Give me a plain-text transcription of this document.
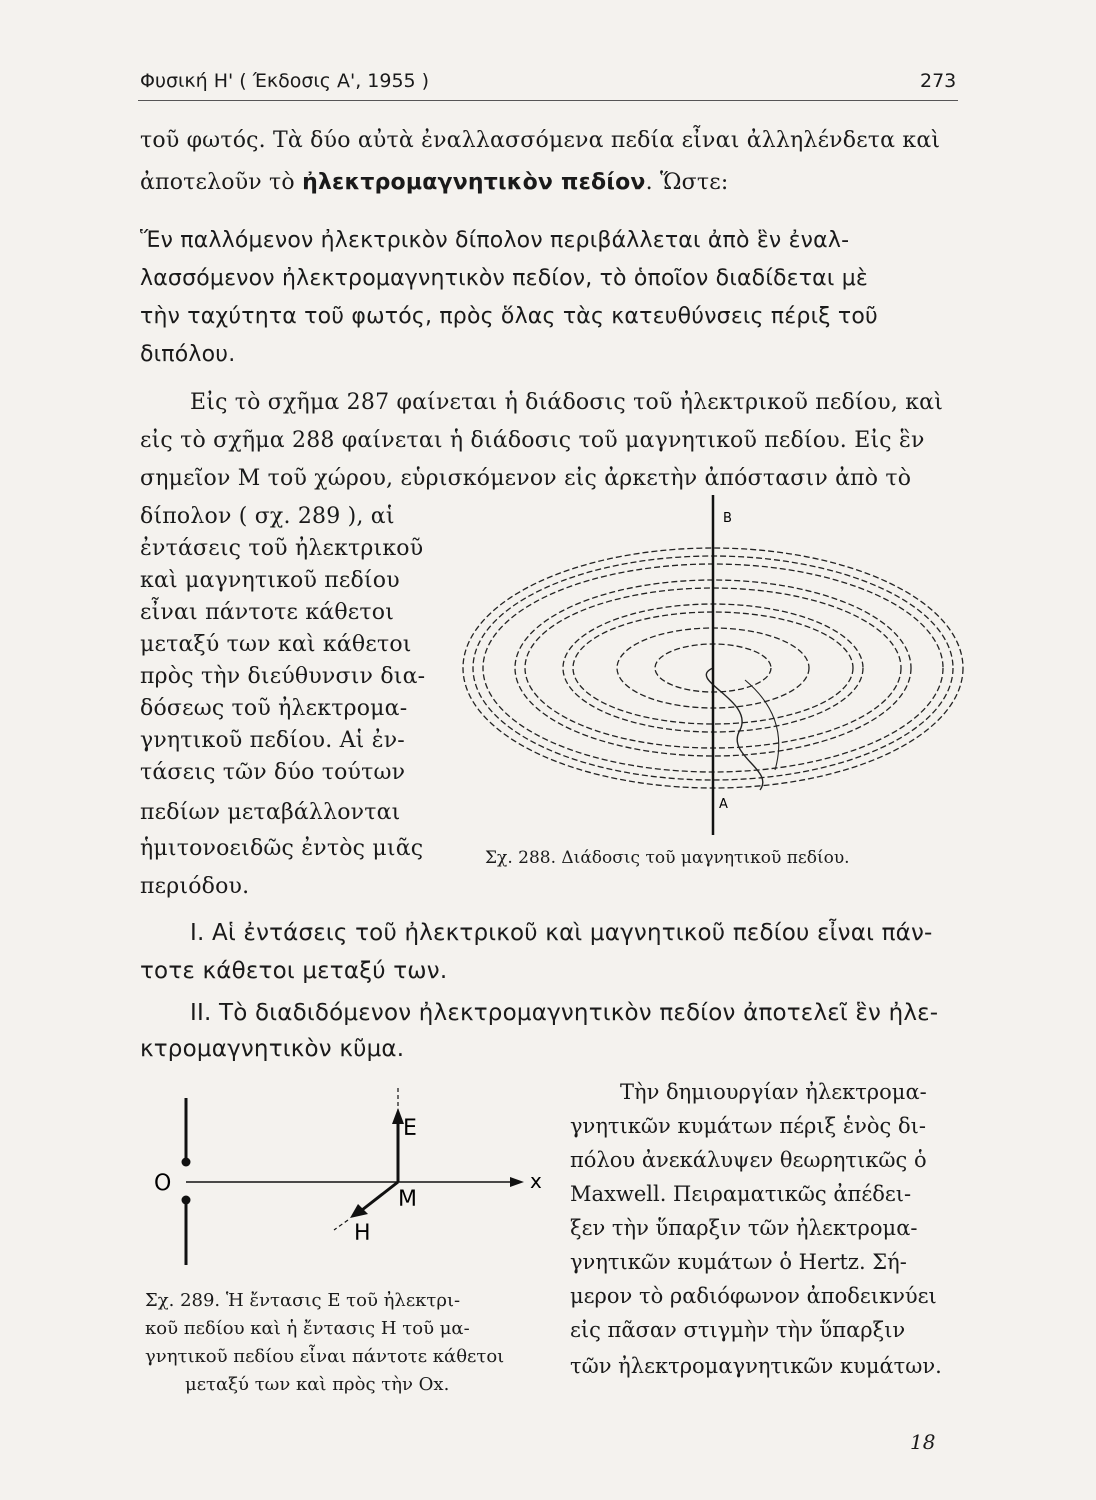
Φυσική Η' ( Έκδοσις Α', 1955 )	273
τοῦ φωτός. Τὰ δύο αὐτὰ ἐναλλασσόμενα πεδία εἶναι ἀλληλένδετα καὶ
ἀποτελοῦν τὸ ἠλεκτρομαγνητικὸν πεδίον. Ὥστε:
Ἕν παλλόμενον ἠλεκτρικὸν δίπολον περιβάλλεται ἀπὸ ἓν ἐναλ-
λασσόμενον ἠλεκτρομαγνητικὸν πεδίον, τὸ ὁποῖον διαδίδεται μὲ
τὴν ταχύτητα τοῦ φωτός, πρὸς ὅλας τὰς κατευθύνσεις πέριξ τοῦ
διπόλου.
Εἰς τὸ σχῆμα 287 φαίνεται ἡ διάδοσις τοῦ ἠλεκτρικοῦ πεδίου, καὶ
εἰς τὸ σχῆμα 288 φαίνεται ἡ διάδοσις τοῦ μαγνητικοῦ πεδίου. Εἰς ἓν
σημεῖον Μ τοῦ χώρου, εὑρισκόμενον εἰς ἀρκετὴν ἀπόστασιν ἀπὸ τὸ
δίπολον ( σχ. 289 ), αἱ
ἐντάσεις τοῦ ἠλεκτρικοῦ
καὶ μαγνητικοῦ πεδίου
εἶναι πάντοτε κάθετοι
μεταξύ των καὶ κάθετοι
πρὸς τὴν διεύθυνσιν δια-
δόσεως τοῦ ἠλεκτρομα-
γνητικοῦ πεδίου. Αἱ ἐν-
τάσεις τῶν δύο τούτων
πεδίων μεταβάλλονται
ἡμιτονοειδῶς ἐντὸς μιᾶς
περιόδου.
Β
Α
Σχ. 288. Διάδοσις τοῦ μαγνητικοῦ πεδίου.
I. Αἱ ἐντάσεις τοῦ ἠλεκτρικοῦ καὶ μαγνητικοῦ πεδίου εἶναι πάν-
τοτε κάθετοι μεταξύ των.
II. Τὸ διαδιδόμενον ἠλεκτρομαγνητικὸν πεδίον ἀποτελεῖ ἓν ἠλε-
κτρομαγνητικὸν κῦμα.
Ο	x
Ε
Μ
Η
Σχ. 289. Ἡ ἔντασις Ε τοῦ ἠλεκτρι-
κοῦ πεδίου καὶ ἡ ἔντασις Η τοῦ μα-
γνητικοῦ πεδίου εἶναι πάντοτε κάθετοι
μεταξύ των καὶ πρὸς τὴν Οx.
Τὴν δημιουργίαν ἠλεκτρομα-
γνητικῶν κυμάτων πέριξ ἑνὸς δι-
πόλου ἀνεκάλυψεν θεωρητικῶς ὁ
Maxwell. Πειραματικῶς ἀπέδει-
ξεν τὴν ὕπαρξιν τῶν ἠλεκτρομα-
γνητικῶν κυμάτων ὁ Hertz. Σή-
μερον τὸ ραδιόφωνον ἀποδεικνύει
εἰς πᾶσαν στιγμὴν τὴν ὕπαρξιν
τῶν ἠλεκτρομαγνητικῶν κυμάτων.
18
